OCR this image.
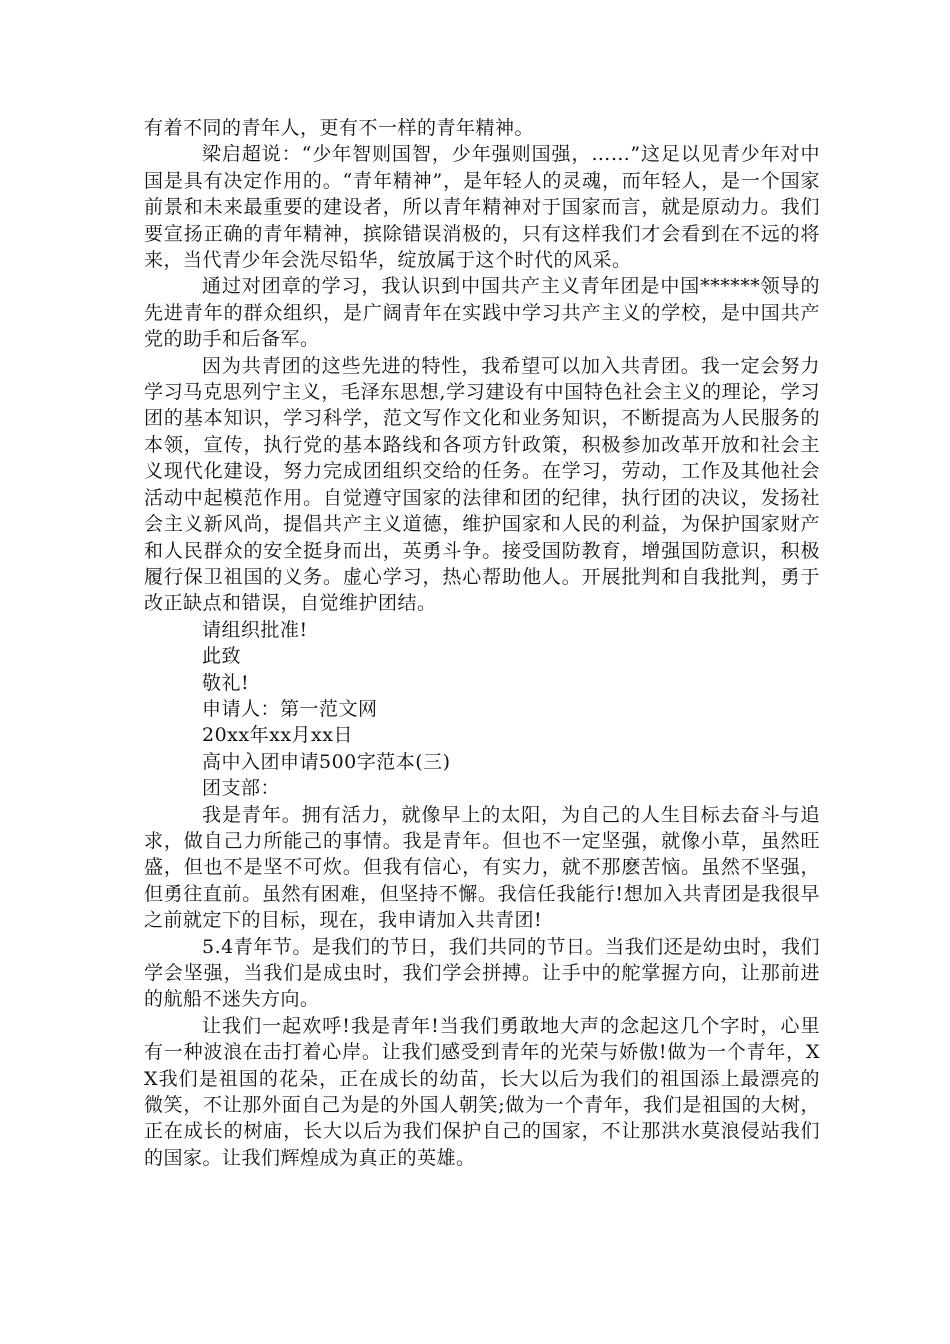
有着不同的青年人，更有不一样的青年精神。

梁启超说：“少年智则国智，少年强则国强，……”这足以见青少年对中国是具有决定作用的。“青年精神”，是年轻人的灵魂，而年轻人，是一个国家前景和未来最重要的建设者，所以青年精神对于国家而言，就是原动力。我们要宣扬正确的青年精神，摈除错误消极的，只有这样我们才会看到在不远的将来，当代青少年会洗尽铅华，绽放属于这个时代的风采。

通过对团章的学习，我认识到中国共产主义青年团是中国******领导的先进青年的群众组织，是广阔青年在实践中学习共产主义的学校，是中国共产党的助手和后备军。

因为共青团的这些先进的特性，我希望可以加入共青团。我一定会努力学习马克思列宁主义，毛泽东思想,学习建设有中国特色社会主义的理论，学习团的基本知识，学习科学，范文写作文化和业务知识，不断提高为人民服务的本领，宣传，执行党的基本路线和各项方针政策，积极参加改革开放和社会主义现代化建设，努力完成团组织交给的任务。在学习，劳动，工作及其他社会活动中起模范作用。自觉遵守国家的法律和团的纪律，执行团的决议，发扬社会主义新风尚，提倡共产主义道德，维护国家和人民的利益，为保护国家财产和人民群众的安全挺身而出，英勇斗争。接受国防教育，增强国防意识，积极履行保卫祖国的义务。虚心学习，热心帮助他人。开展批判和自我批判，勇于改正缺点和错误，自觉维护团结。

请组织批准!

此致

敬礼!

申请人：第一范文网

20xx年xx月xx日

高中入团申请500字范本(三)

团支部：

我是青年。拥有活力，就像早上的太阳，为自己的人生目标去奋斗与追求，做自己力所能己的事情。我是青年。但也不一定坚强，就像小草，虽然旺盛，但也不是坚不可炊。但我有信心，有实力，就不那麽苦恼。虽然不坚强，但勇往直前。虽然有困难，但坚持不懈。我信任我能行!想加入共青团是我很早之前就定下的目标，现在，我申请加入共青团!

5.4青年节。是我们的节日，我们共同的节日。当我们还是幼虫时，我们学会坚强，当我们是成虫时，我们学会拼搏。让手中的舵掌握方向，让那前进的航船不迷失方向。

让我们一起欢呼!我是青年!当我们勇敢地大声的念起这几个字时，心里有一种波浪在击打着心岸。让我们感受到青年的光荣与娇傲!做为一个青年，XX我们是祖国的花朵，正在成长的幼苗，长大以后为我们的祖国添上最漂亮的微笑，不让那外面自己为是的外国人朝笑;做为一个青年，我们是祖国的大树，正在成长的树庙，长大以后为我们保护自己的国家，不让那洪水莫浪侵站我们的国家。让我们辉煌成为真正的英雄。
